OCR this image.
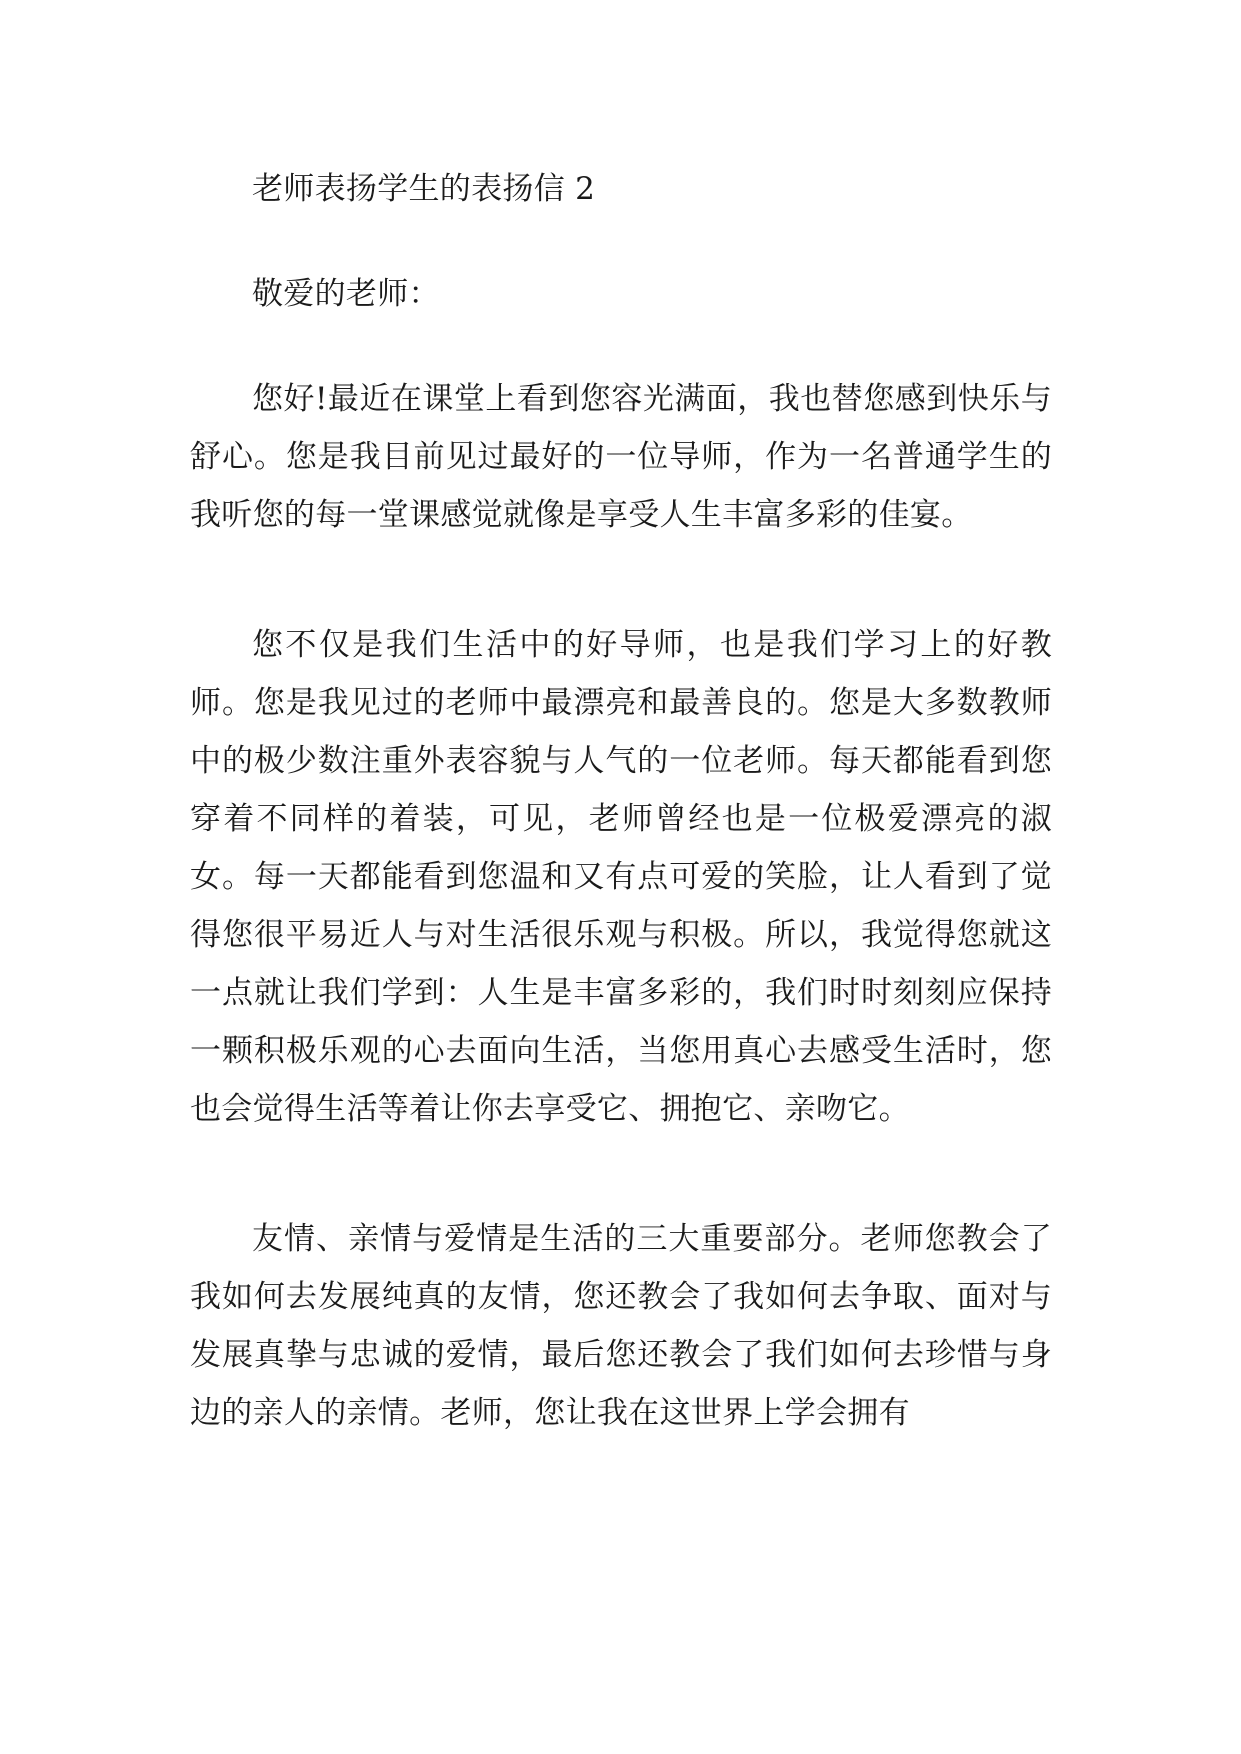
老师表扬学生的表扬信 2

敬爱的老师：

您好!最近在课堂上看到您容光满面，我也替您感到快乐与舒心。您是我目前见过最好的一位导师，作为一名普通学生的我听您的每一堂课感觉就像是享受人生丰富多彩的佳宴。

您不仅是我们生活中的好导师，也是我们学习上的好教师。您是我见过的老师中最漂亮和最善良的。您是大多数教师中的极少数注重外表容貌与人气的一位老师。每天都能看到您穿着不同样的着装，可见，老师曾经也是一位极爱漂亮的淑女。每一天都能看到您温和又有点可爱的笑脸，让人看到了觉得您很平易近人与对生活很乐观与积极。所以，我觉得您就这一点就让我们学到：人生是丰富多彩的，我们时时刻刻应保持一颗积极乐观的心去面向生活，当您用真心去感受生活时，您也会觉得生活等着让你去享受它、拥抱它、亲吻它。

友情、亲情与爱情是生活的三大重要部分。老师您教会了我如何去发展纯真的友情，您还教会了我如何去争取、面对与发展真挚与忠诚的爱情，最后您还教会了我们如何去珍惜与身边的亲人的亲情。老师，您让我在这世界上学会拥有
